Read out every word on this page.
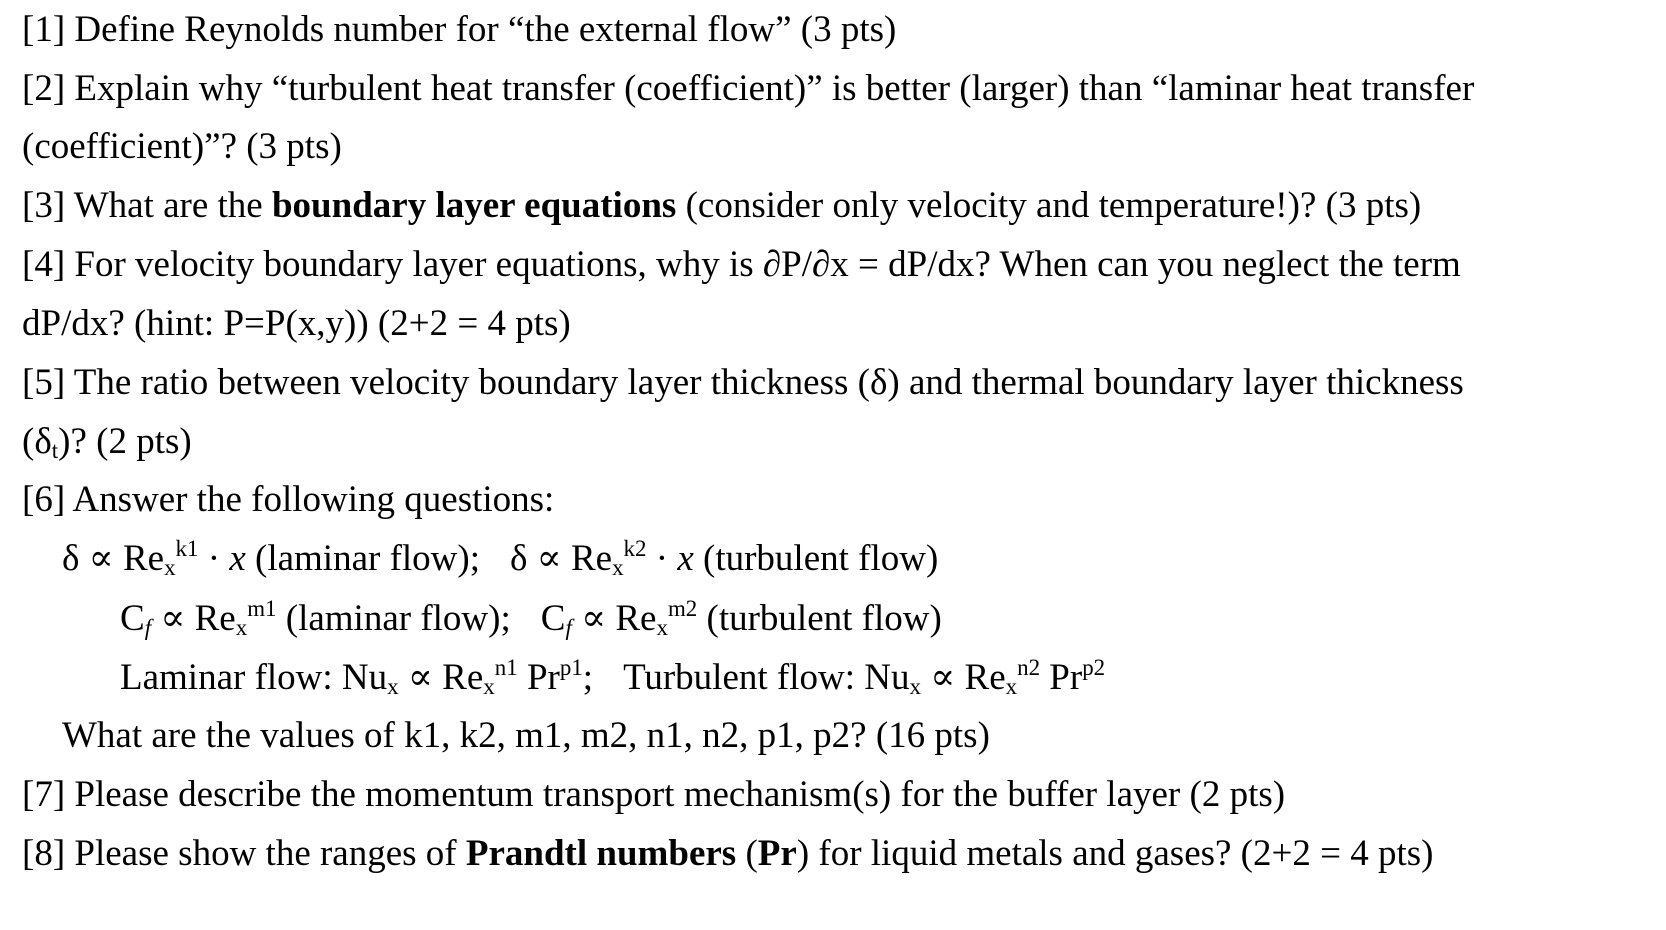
[1] Define Reynolds number for “the external flow” (3 pts)
[2] Explain why “turbulent heat transfer (coefficient)” is better (larger) than “laminar heat transfer
(coefficient)”? (3 pts)
[3] What are the boundary layer equations (consider only velocity and temperature!)? (3 pts)
[4] For velocity boundary layer equations, why is ∂P/∂x = dP/dx? When can you neglect the term
dP/dx? (hint: P=P(x,y)) (2+2 = 4 pts)
[5] The ratio between velocity boundary layer thickness (δ) and thermal boundary layer thickness
$(\delta_t)$? (2 pts)
[6] Answer the following questions:
$\delta \propto Re_x^{k1} \cdot x$ (laminar flow); $\delta \propto Re_x^{k2} \cdot x$ (turbulent flow)
$C_f \propto Re_x^{m1}$ (laminar flow); $C_f \propto Re_x^{m2}$ (turbulent flow)
Laminar flow: $Nu_x \propto Re_x^{n1}$ $Pr^{p1}$; Turbulent flow: $Nu_x \propto Re_x^{n2}$ $Pr^{p2}$
What are the values of k1, k2, m1, m2, n1, n2, p1, p2? (16 pts)
[7] Please describe the momentum transport mechanism(s) for the buffer layer (2 pts)
[8] Please show the ranges of Prandtl numbers (Pr) for liquid metals and gases? (2+2 = 4 pts)
